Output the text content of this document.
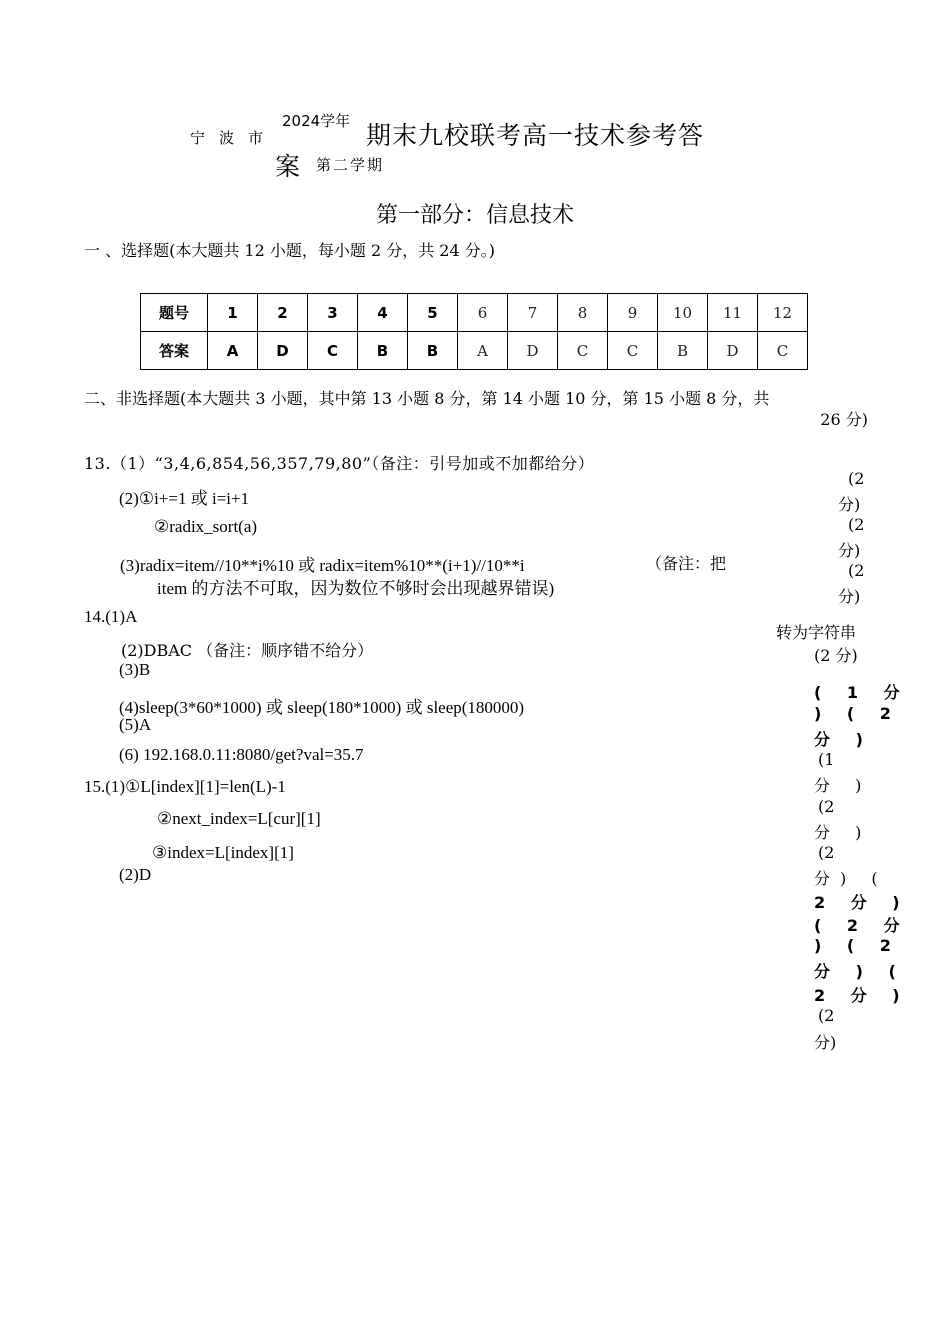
宁波市
2024学年 期末九校联考高一技术参考答
案 第二学期
第一部分：信息技术
一 、选择题(本大题共 12 小题，每小题 2 分，共 24 分。)
题号	1	2	3	4	5	6	7	8	9	10	11	12
答案	A	D	C	B	B	A	D	C	C	B	D	C
二、非选择题(本大题共 3 小题，其中第 13 小题 8 分，第 14 小题 10 分，第 15 小题 8 分，共
26 分)
13.（1）“3,4,6,854,56,357,79,80”（备注：引号加或不加都给分）
(2)①i+=1 或 i=i+1
②radix_sort(a)
(3)radix=item//10**i%10 或 radix=item%10**(i+1)//10**i	（备注：把
item 的方法不可取，因为数位不够时会出现越界错误)
转为字符串
14.(1)A
(2)DBAC （备注：顺序错不给分）
(3)B
(4)sleep(3*60*1000) 或 sleep(180*1000) 或 sleep(180000)
(5)A
(6) 192.168.0.11:8080/get?val=35.7
15.(1)①L[index][1]=len(L)-1
②next_index=L[cur][1]
③index=L[index][1]
(2)D
(2
分)
(2
分)
(2
分)
(2 分)
( 1 分
) ( 2
分 )
(1
分 )
(2
分 )
(2
分) (
2 分 )
( 2 分
) ( 2
分 ) (
2 分 )
(2
分)
